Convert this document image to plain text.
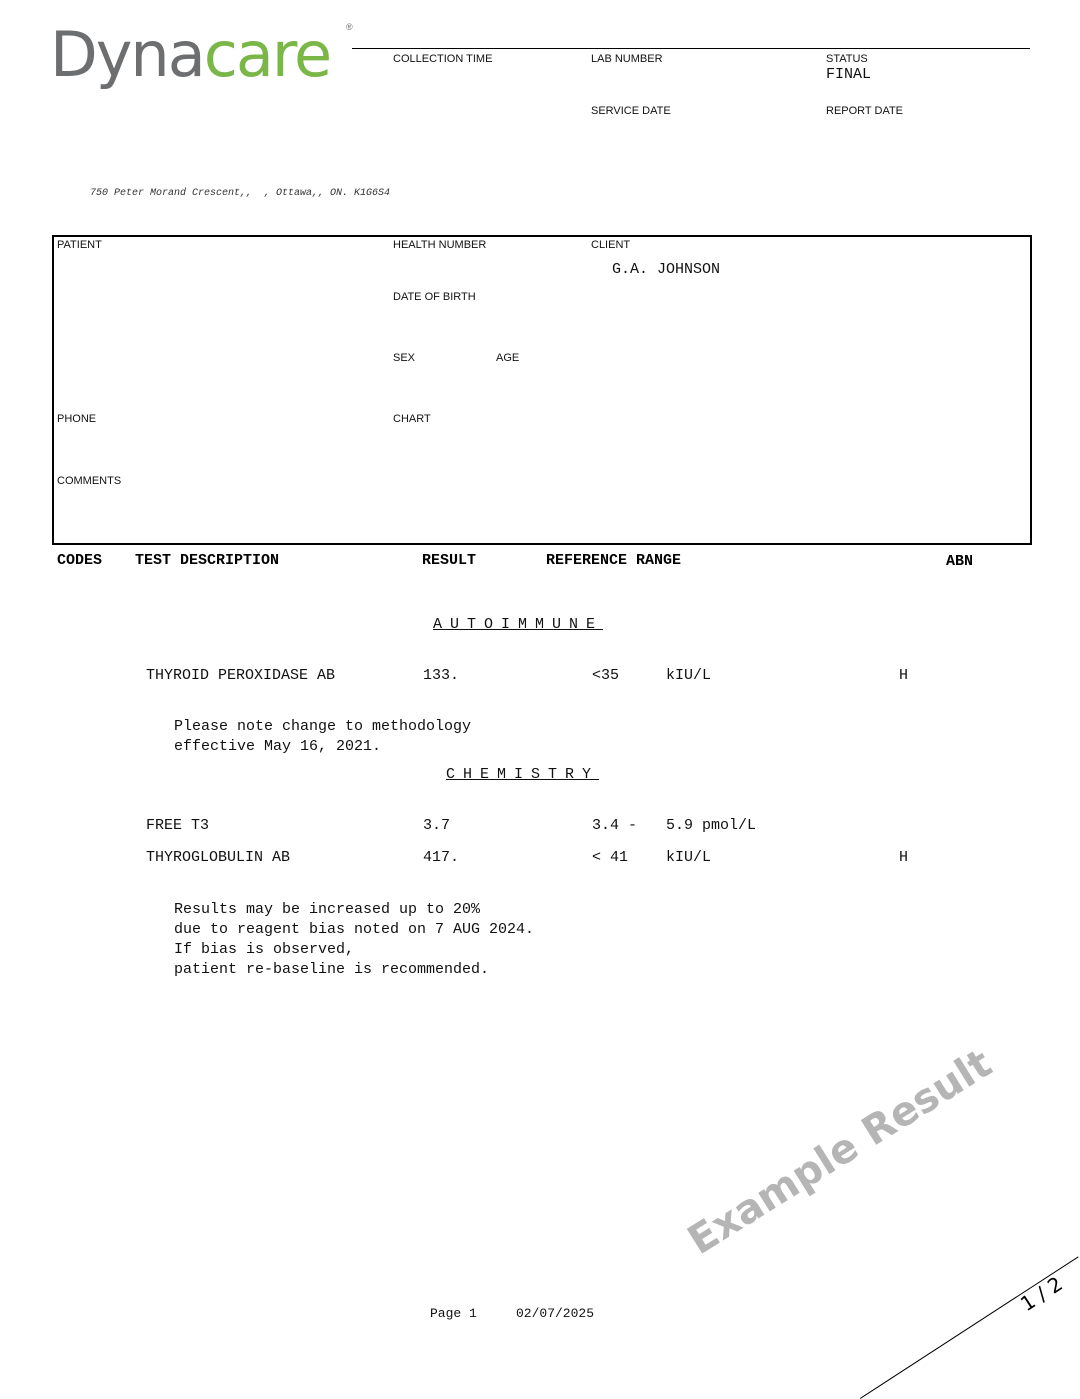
Dynacare ®
COLLECTION TIME	LAB NUMBER	STATUS
FINAL
SERVICE DATE	REPORT DATE
750 Peter Morand Crescent,,  , Ottawa,, ON. K1G6S4
PATIENT	HEALTH NUMBER	CLIENT
G.A. JOHNSON
DATE OF BIRTH
SEX	AGE
PHONE	CHART
COMMENTS
CODES TEST DESCRIPTION	RESULT	REFERENCE RANGE	ABN
AUTOIMMUNE
THYROID PEROXIDASE AB	133.	<35	kIU/L	H
Please note change to methodology
effective May 16, 2021.
CHEMISTRY
FREE T3	3.7	3.4 - 5.9 pmol/L
THYROGLOBULIN AB	417.	< 41	kIU/L	H
Results may be increased up to 20%
due to reagent bias noted on 7 AUG 2024.
If bias is observed,
patient re-baseline is recommended.
Example Result
Page 1	02/07/2025	1 / 2
